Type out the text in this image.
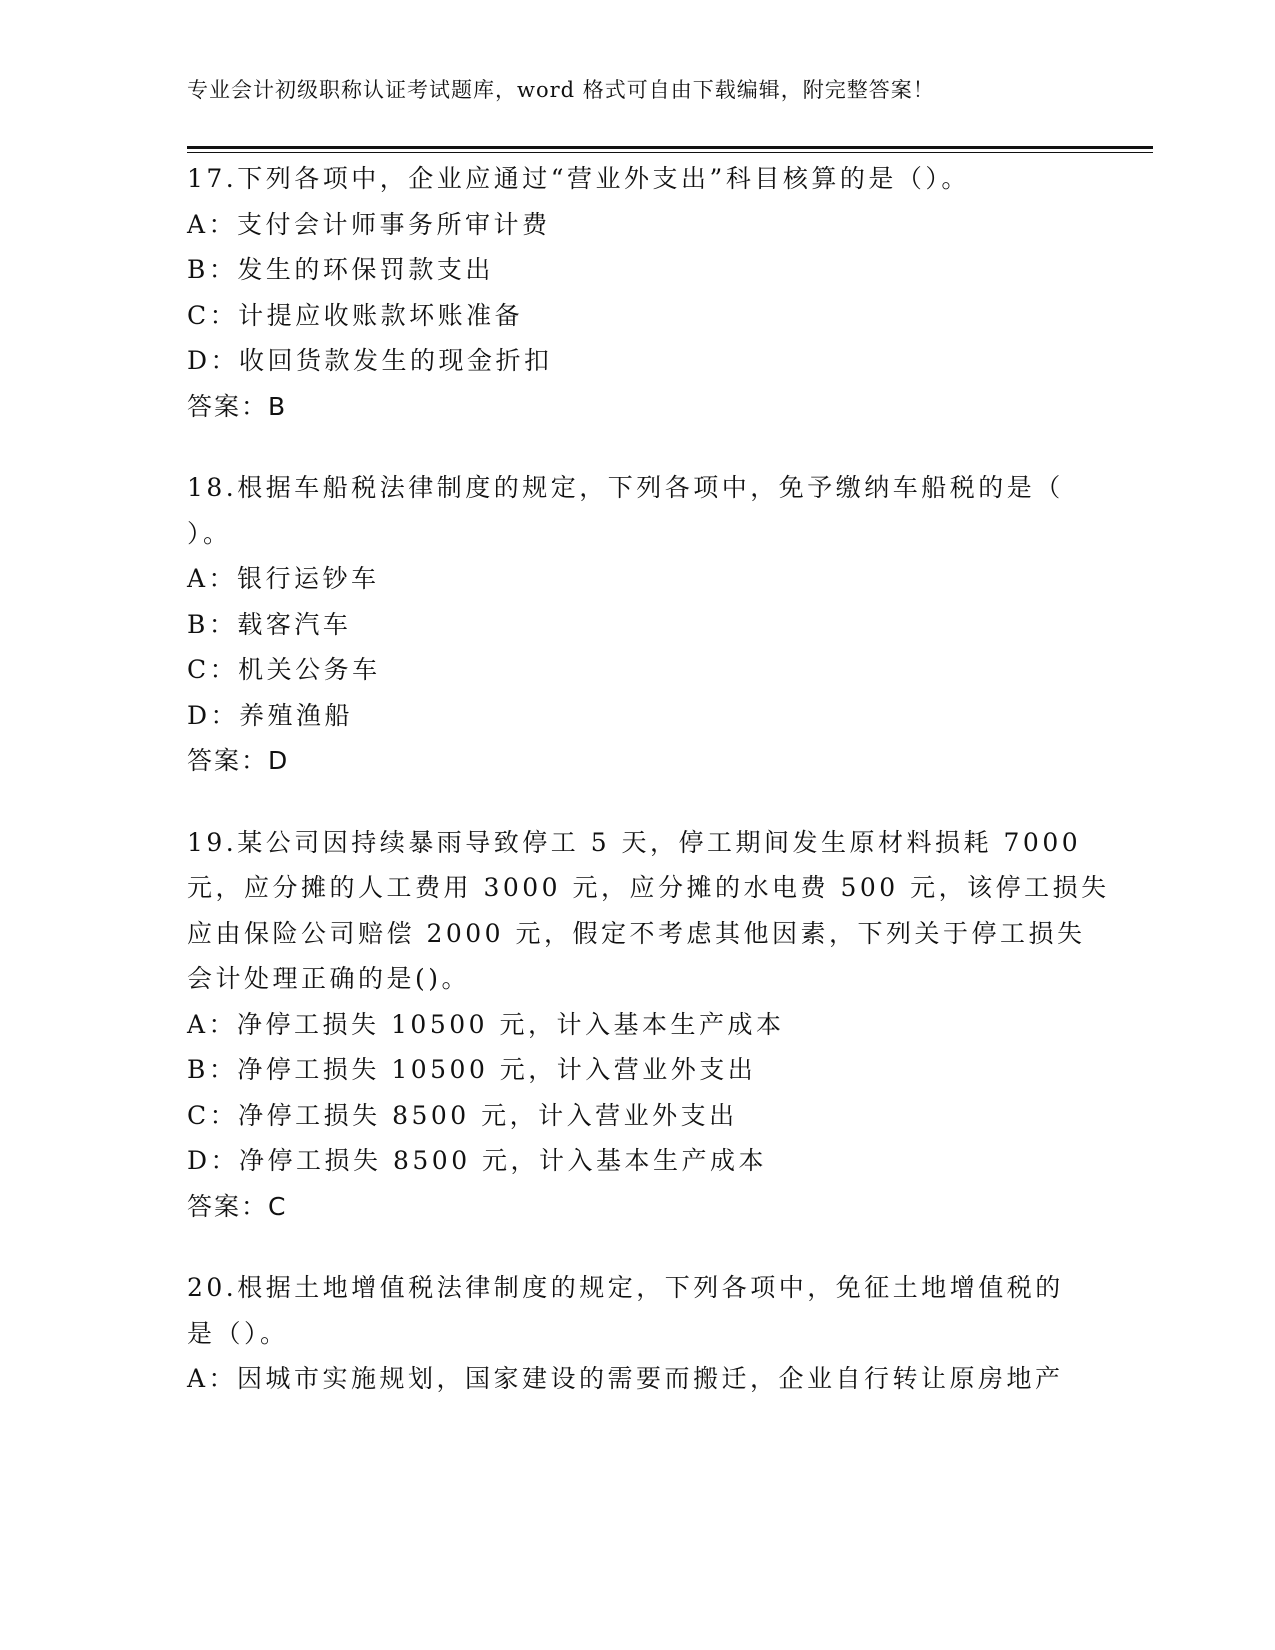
专业会计初级职称认证考试题库，word 格式可自由下载编辑，附完整答案！
17.下列各项中，企业应通过“营业外支出”科目核算的是（）。
A：支付会计师事务所审计费
B：发生的环保罚款支出
C：计提应收账款坏账准备
D：收回货款发生的现金折扣
答案：B
18.根据车船税法律制度的规定，下列各项中，免予缴纳车船税的是（
）。
A：银行运钞车
B：载客汽车
C：机关公务车
D：养殖渔船
答案：D
19.某公司因持续暴雨导致停工 5 天，停工期间发生原材料损耗 7000
元，应分摊的人工费用 3000 元，应分摊的水电费 500 元，该停工损失
应由保险公司赔偿 2000 元，假定不考虑其他因素，下列关于停工损失
会计处理正确的是()。
A：净停工损失 10500 元，计入基本生产成本
B：净停工损失 10500 元，计入营业外支出
C：净停工损失 8500 元，计入营业外支出
D：净停工损失 8500 元，计入基本生产成本
答案：C
20.根据土地增值税法律制度的规定，下列各项中，免征土地增值税的
是（）。
A：因城市实施规划，国家建设的需要而搬迁，企业自行转让原房地产
